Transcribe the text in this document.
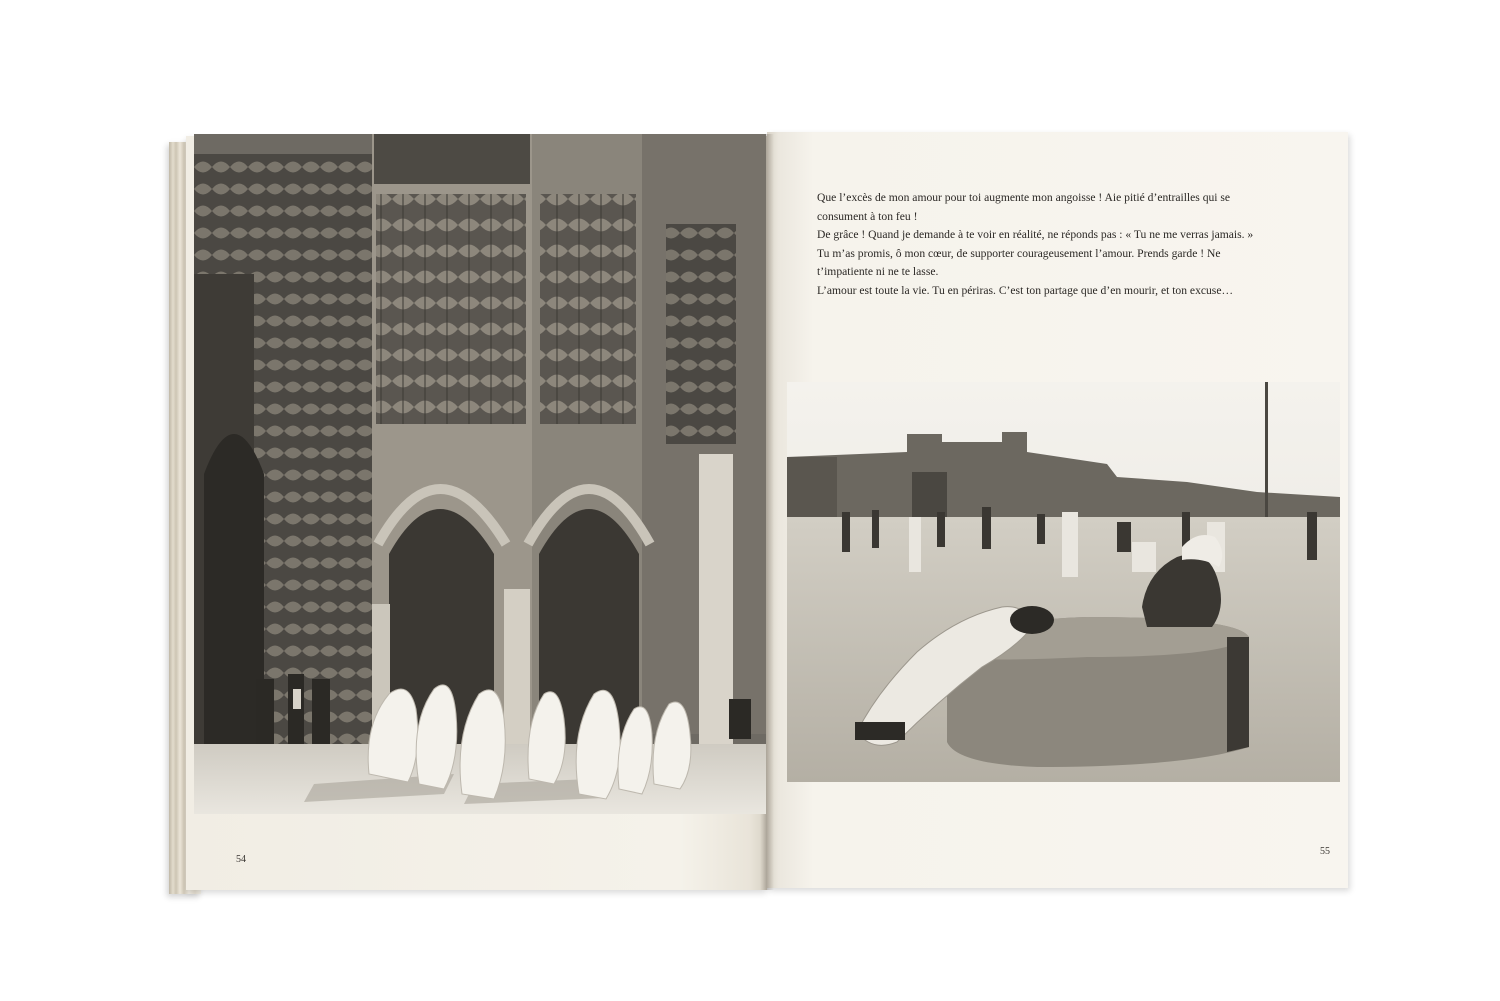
Que l’excès de mon amour pour toi augmente mon angoisse ! Aie pitié d’entrailles qui se

consument à ton feu !

De grâce ! Quand je demande à te voir en réalité, ne réponds pas : « Tu ne me verras jamais. »

Tu m’as promis, ô mon cœur, de supporter courageusement l’amour. Prends garde ! Ne

t’impatiente ni ne te lasse.

L’amour est toute la vie. Tu en périras. C’est ton partage que d’en mourir, et ton excuse…

54
55
